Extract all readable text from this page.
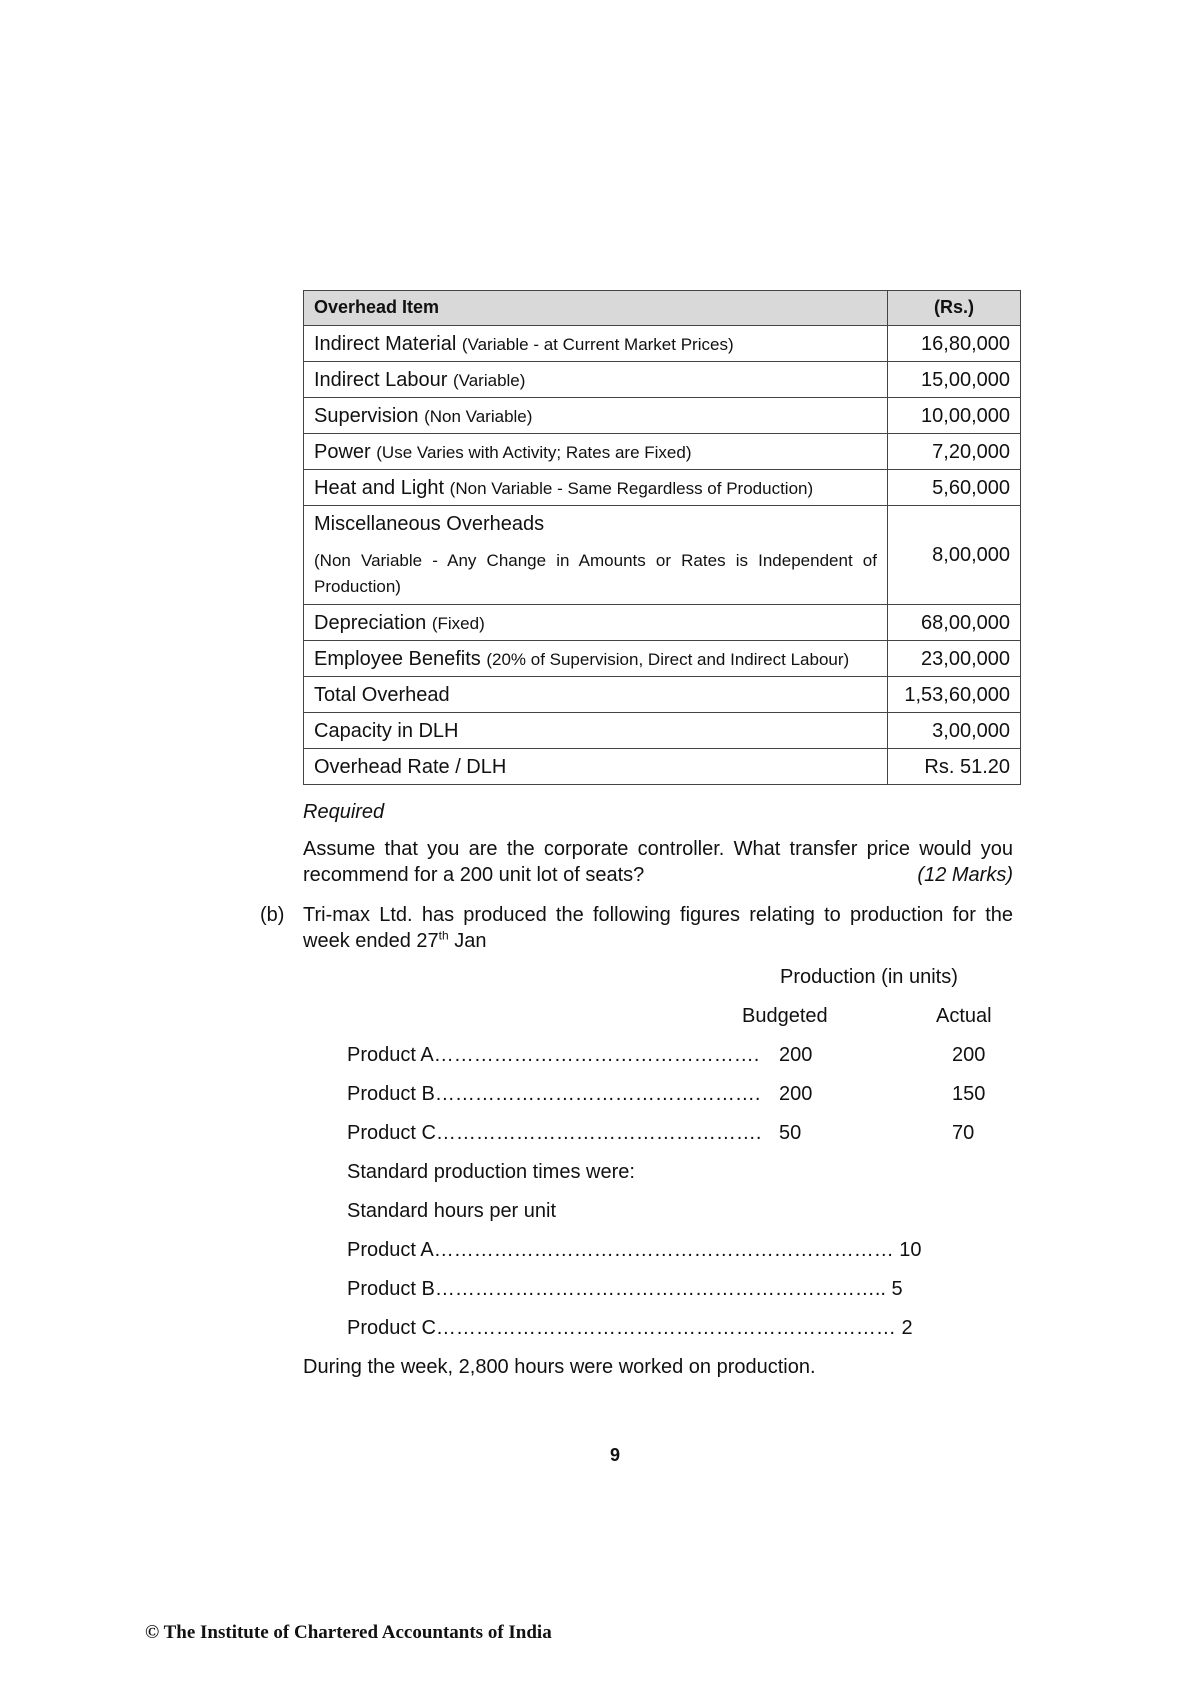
Overhead Item	(Rs.)
Indirect Material (Variable - at Current Market Prices)	16,80,000
Indirect Labour (Variable)	15,00,000
Supervision (Non Variable)	10,00,000
Power (Use Varies with Activity; Rates are Fixed)	7,20,000
Heat and Light (Non Variable - Same Regardless of Production)	5,60,000

Miscellaneous Overheads
(Non Variable - Any Change in Amounts or Rates is Independent of Production)	8,00,000
Depreciation (Fixed)	68,00,000
Employee Benefits (20% of Supervision, Direct and Indirect Labour)	23,00,000
Total Overhead	1,53,60,000
Capacity in DLH	3,00,000
Overhead Rate / DLH	Rs. 51.20
Required
Assume that you are the corporate controller. What transfer price would you recommend for a 200 unit lot of seats?	(12 Marks)
(b) Tri-max Ltd. has produced the following figures relating to production for the week ended 27th Jan
Production (in units)
Budgeted	Actual
Product A…………………………………………. 200	200
Product B…………………………………………. 200	150
Product C…………………………………………. 50	70
Standard production times were:
Standard hours per unit
Product A…………………………………………………………… 10
Product B………………………………………………………….. 5
Product C…………………………………………………………… 2
During the week, 2,800 hours were worked on production.
9
© The Institute of Chartered Accountants of India
